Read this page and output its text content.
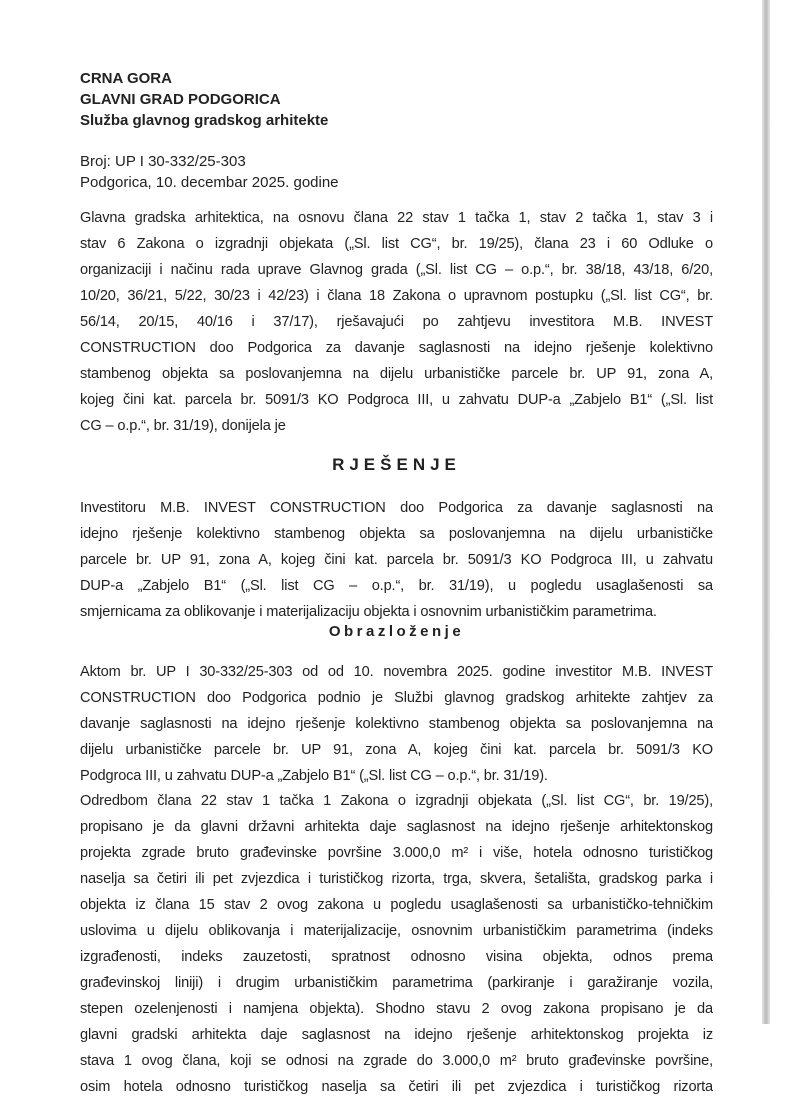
CRNA GORA
GLAVNI GRAD PODGORICA
Služba glavnog gradskog arhitekte
Broj: UP I 30-332/25-303
Podgorica, 10. decembar 2025. godine
Glavna gradska arhitektica, na osnovu člana 22 stav 1 tačka 1, stav 2 tačka 1, stav 3 i
stav 6 Zakona o izgradnji objekata („Sl. list CG“, br. 19/25), člana 23 i 60 Odluke o
organizaciji i načinu rada uprave Glavnog grada („Sl. list CG – o.p.“, br. 38/18, 43/18, 6/20,
10/20, 36/21, 5/22, 30/23 i 42/23) i člana 18 Zakona o upravnom postupku („Sl. list CG“, br.
56/14, 20/15, 40/16 i 37/17), rješavajući po zahtjevu investitora M.B. INVEST
CONSTRUCTION doo Podgorica za davanje saglasnosti na idejno rješenje kolektivno
stambenog objekta sa poslovanjemna na dijelu urbanističke parcele br. UP 91, zona A,
kojeg čini kat. parcela br. 5091/3 KO Podgroca III, u zahvatu DUP-a „Zabjelo B1“ („Sl. list
CG – o.p.“, br. 31/19), donijela je
RJEŠENJE
Investitoru M.B. INVEST CONSTRUCTION doo Podgorica za davanje saglasnosti na
idejno rješenje kolektivno stambenog objekta sa poslovanjemna na dijelu urbanističke
parcele br. UP 91, zona A, kojeg čini kat. parcela br. 5091/3 KO Podgroca III, u zahvatu
DUP-a „Zabjelo B1“ („Sl. list CG – o.p.“, br. 31/19), u pogledu usaglašenosti sa
smjernicama za oblikovanje i materijalizaciju objekta i osnovnim urbanističkim parametrima.
Obrazloženje
Aktom br. UP I 30-332/25-303 od od 10. novembra 2025. godine investitor M.B. INVEST
CONSTRUCTION doo Podgorica podnio je Službi glavnog gradskog arhitekte zahtjev za
davanje saglasnosti na idejno rješenje kolektivno stambenog objekta sa poslovanjemna na
dijelu urbanističke parcele br. UP 91, zona A, kojeg čini kat. parcela br. 5091/3 KO
Podgroca III, u zahvatu DUP-a „Zabjelo B1“ („Sl. list CG – o.p.“, br. 31/19).
Odredbom člana 22 stav 1 tačka 1 Zakona o izgradnji objekata („Sl. list CG“, br. 19/25),
propisano je da glavni državni arhitekta daje saglasnost na idejno rješenje arhitektonskog
projekta zgrade bruto građevinske površine 3.000,0 m² i više, hotela odnosno turističkog
naselja sa četiri ili pet zvjezdica i turističkog rizorta, trga, skvera, šetališta, gradskog parka i
objekta iz člana 15 stav 2 ovog zakona u pogledu usaglašenosti sa urbanističko-tehničkim
uslovima u dijelu oblikovanja i materijalizacije, osnovnim urbanističkim parametrima (indeks
izgrađenosti, indeks zauzetosti, spratnost odnosno visina objekta, odnos prema
građevinskoj liniji) i drugim urbanističkim parametrima (parkiranje i garažiranje vozila,
stepen ozelenjenosti i namjena objekta). Shodno stavu 2 ovog zakona propisano je da
glavni gradski arhitekta daje saglasnost na idejno rješenje arhitektonskog projekta iz
stava 1 ovog člana, koji se odnosi na zgrade do 3.000,0 m² bruto građevinske površine,
osim hotela odnosno turističkog naselja sa četiri ili pet zvjezdica i turističkog rizorta
